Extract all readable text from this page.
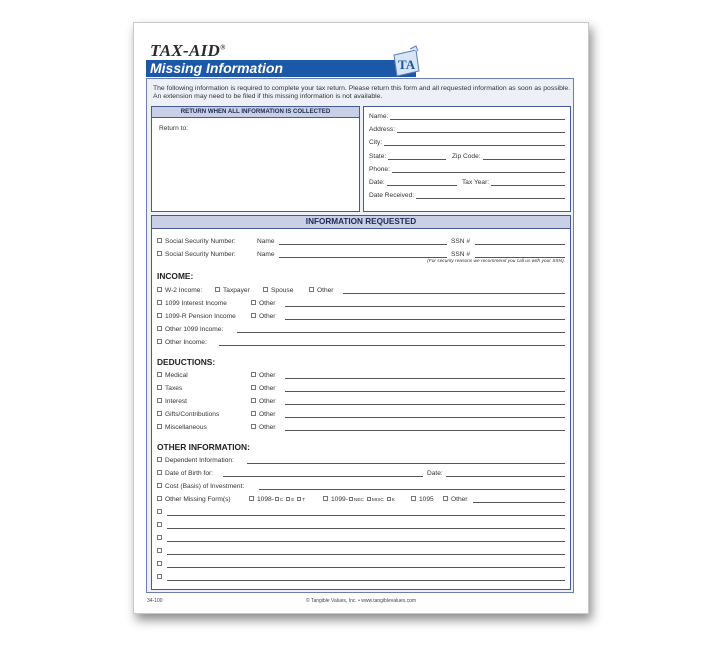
TAX-AID®
Missing Information	TA
The following information is required to complete your tax return. Please return this form and all requested information as soon as possible. An extension may need to be filed if this missing information is not available.
RETURN WHEN ALL INFORMATION IS COLLECTED
Return to:
Name:
Address:
City:
State:	Zip Code:
Phone:
Date:	Tax Year:
Date Received:
INFORMATION REQUESTED
Social Security Number:	Name	SSN #
Social Security Number:	Name	SSN #
(For security reasons we recommend you call us with your SSN).
INCOME:
W-2 Income:	Taxpayer	Spouse	Other
1099 Interest Income	Other
1099-R Pension Income	Other
Other 1099 Income:
Other Income:
DEDUCTIONS:
Medical	Other
Taxes	Other
Interest	Other
Gifts/Contributions	Other
Miscellaneous	Other
OTHER INFORMATION:
Dependent Information:
Date of Birth for:	Date:
Cost (Basis) of Investment:
Other Missing Form(s)	1098- C E T	1099- NEC MISC K	1095	Other
34-100	© Tangible Values, Inc. • www.tangiblevalues.com
